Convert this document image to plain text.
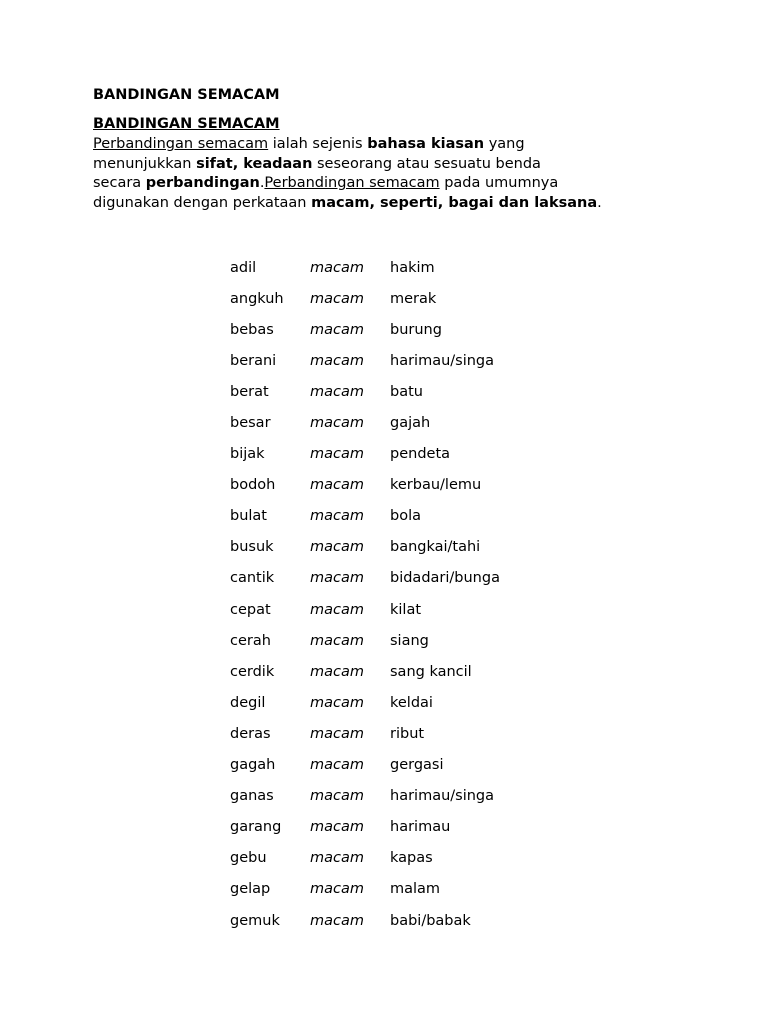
BANDINGAN SEMACAM
BANDINGAN SEMACAM

Perbandingan semacam ialah sejenis bahasa kiasan yang
menunjukkan sifat, keadaan seseorang atau sesuatu benda
secara perbandingan.Perbandingan semacam pada umumnya
digunakan dengan perkataan macam, seperti, bagai dan laksana.

adil	macam	hakim
angkuh	macam	merak
bebas	macam	burung
berani	macam	harimau/singa
berat	macam	batu
besar	macam	gajah
bijak	macam	pendeta
bodoh	macam	kerbau/lemu
bulat	macam	bola
busuk	macam	bangkai/tahi
cantik	macam	bidadari/bunga
cepat	macam	kilat
cerah	macam	siang
cerdik	macam	sang kancil
degil	macam	keldai
deras	macam	ribut
gagah	macam	gergasi
ganas	macam	harimau/singa
garang	macam	harimau
gebu	macam	kapas
gelap	macam	malam
gemuk	macam	babi/babak
